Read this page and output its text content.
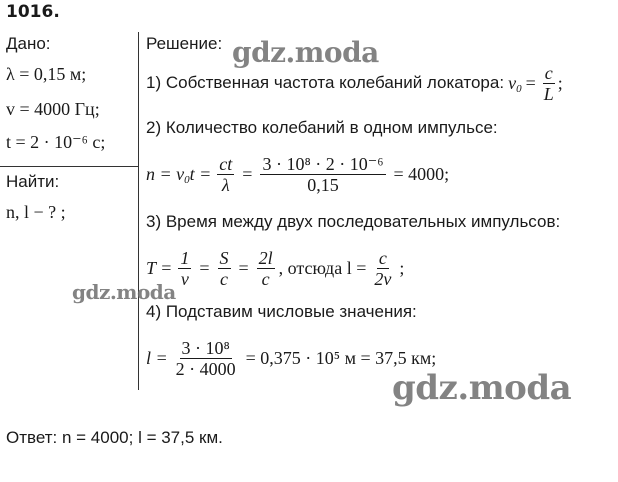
1016.
Дано:
λ = 0,15 м;
v = 4000 Гц;
t = 2 · 10⁻⁶ с;
Найти:
n, l − ? ;
Решение:
1) Собственная частота колебаний локатора: $v_0 = \frac{c}{L}$ ;
2) Количество колебаний в одном импульсе:
$n = v_0t = \frac{ct}{\lambda} = \frac{\text{3 · 10⁸ · 2 · 10⁻⁶}}{0,15} = 4000$;
3) Время между двух последовательных импульсов:
$T = \frac{1}{v} = \frac{S}{c} = \frac{2l}{c}$ , отсюда $l = \frac{c}{2v}$ ;
4) Подставим числовые значения:
$l = \frac{\text{3 · 10⁸}}{2 \cdot 4000} = 0,375 \cdot 10^5$ м = 37,5 км;
Ответ: n = 4000; l = 37,5 км.
gdz.moda
gdz.moda
gdz.moda
